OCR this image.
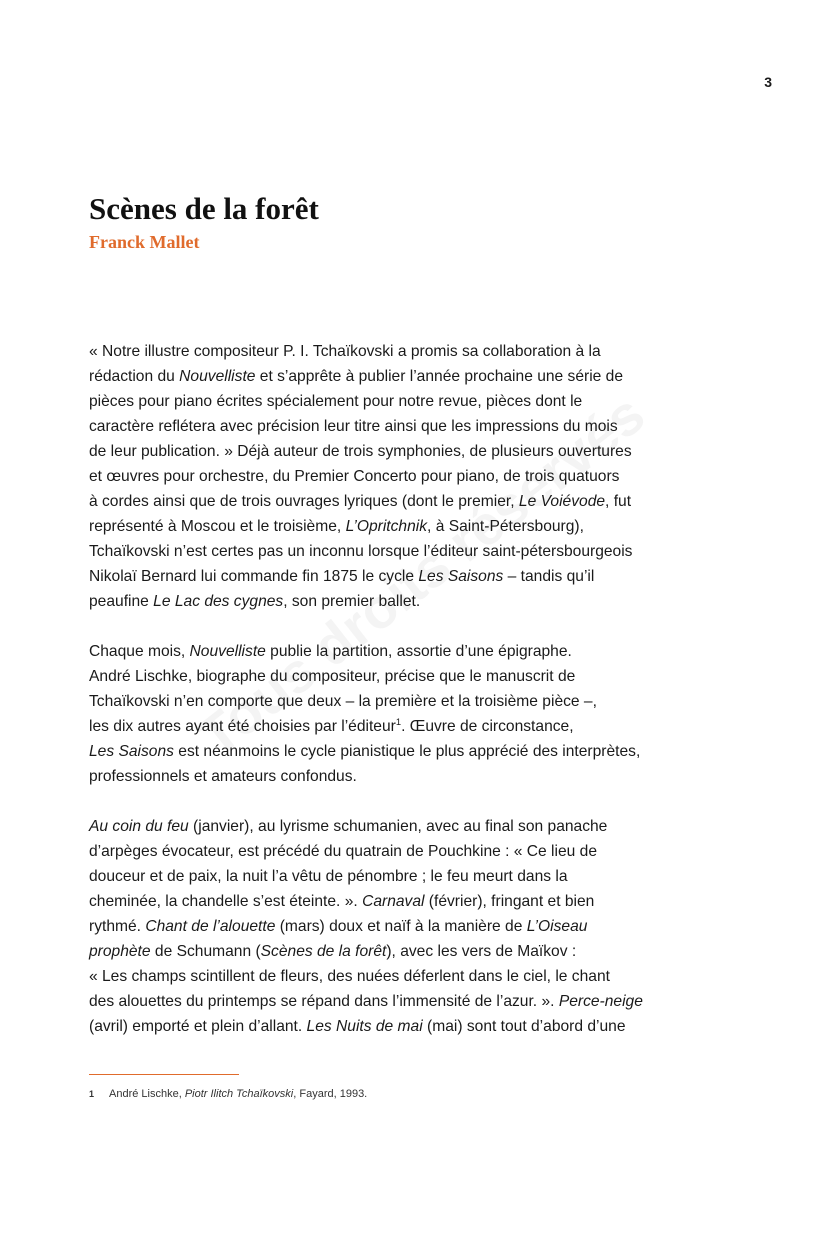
3
Scènes de la forêt
Franck Mallet
« Notre illustre compositeur P. I. Tchaïkovski a promis sa collaboration à la
rédaction du Nouvelliste et s’apprête à publier l’année prochaine une série de
pièces pour piano écrites spécialement pour notre revue, pièces dont le
caractère reflétera avec précision leur titre ainsi que les impressions du mois
de leur publication. » Déjà auteur de trois symphonies, de plusieurs ouvertures
et œuvres pour orchestre, du Premier Concerto pour piano, de trois quatuors
à cordes ainsi que de trois ouvrages lyriques (dont le premier, Le Voiévode, fut
représenté à Moscou et le troisième, L’Opritchnik, à Saint-Pétersbourg),
Tchaïkovski n’est certes pas un inconnu lorsque l’éditeur saint-pétersbourgeois
Nikolaï Bernard lui commande fin 1875 le cycle Les Saisons – tandis qu’il
peaufine Le Lac des cygnes, son premier ballet.
Chaque mois, Nouvelliste publie la partition, assortie d’une épigraphe.
André Lischke, biographe du compositeur, précise que le manuscrit de
Tchaïkovski n’en comporte que deux – la première et la troisième pièce –,
les dix autres ayant été choisies par l’éditeur$^1$. Œuvre de circonstance,
Les Saisons est néanmoins le cycle pianistique le plus apprécié des interprètes,
professionnels et amateurs confondus.
Au coin du feu (janvier), au lyrisme schumanien, avec au final son panache
d’arpèges évocateur, est précédé du quatrain de Pouchkine : « Ce lieu de
douceur et de paix, la nuit l’a vêtu de pénombre ; le feu meurt dans la
cheminée, la chandelle s’est éteinte. ». Carnaval (février), fringant et bien
rythmé. Chant de l’alouette (mars) doux et naïf à la manière de L’Oiseau
prophète de Schumann (Scènes de la forêt), avec les vers de Maïkov :
« Les champs scintillent de fleurs, des nuées déferlent dans le ciel, le chant
des alouettes du printemps se répand dans l’immensité de l’azur. ». Perce-neige
(avril) emporté et plein d’allant. Les Nuits de mai (mai) sont tout d’abord d’une
1 André Lischke, Piotr Ilitch Tchaïkovski, Fayard, 1993.
